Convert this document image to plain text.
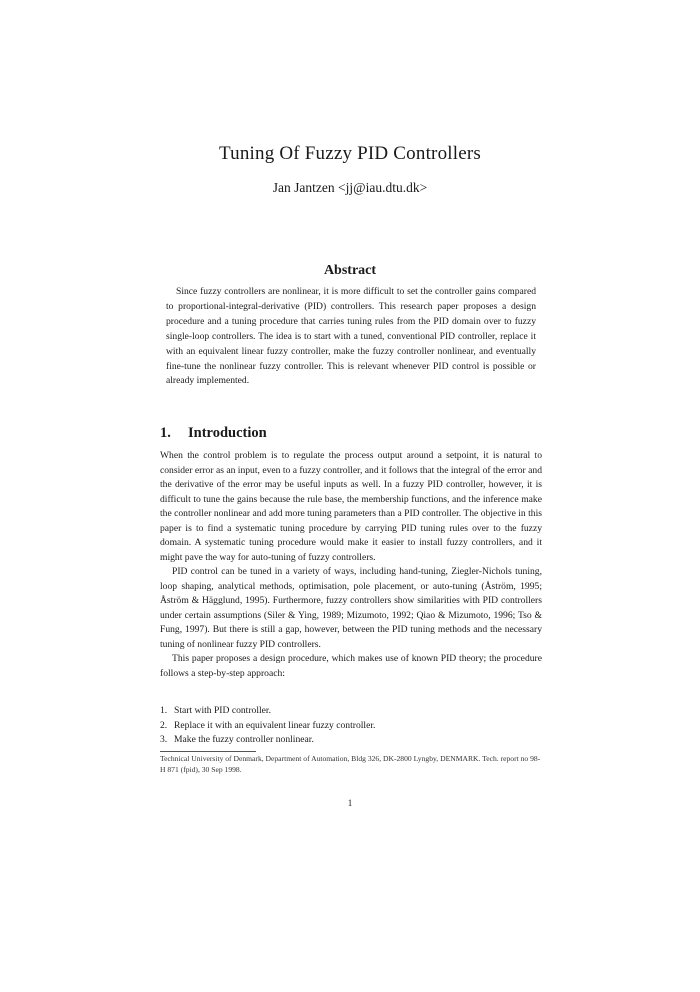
Tuning Of Fuzzy PID Controllers
Jan Jantzen <jj@iau.dtu.dk>
Abstract

Since fuzzy controllers are nonlinear, it is more difficult to set the controller gains compared to proportional-integral-derivative (PID) controllers. This research paper proposes a design procedure and a tuning procedure that carries tuning rules from the PID domain over to fuzzy single-loop controllers. The idea is to start with a tuned, conventional PID controller, replace it with an equivalent linear fuzzy controller, make the fuzzy controller nonlinear, and eventually fine-tune the nonlinear fuzzy controller. This is relevant whenever PID control is possible or already implemented.

1. Introduction

When the control problem is to regulate the process output around a setpoint, it is natural to consider error as an input, even to a fuzzy controller, and it follows that the integral of the error and the derivative of the error may be useful inputs as well. In a fuzzy PID controller, however, it is difficult to tune the gains because the rule base, the membership functions, and the inference make the controller nonlinear and add more tuning parameters than a PID controller. The objective in this paper is to find a systematic tuning procedure by carrying PID tuning rules over to the fuzzy domain. A systematic tuning procedure would make it easier to install fuzzy controllers, and it might pave the way for auto-tuning of fuzzy controllers.

PID control can be tuned in a variety of ways, including hand-tuning, Ziegler-Nichols tuning, loop shaping, analytical methods, optimisation, pole placement, or auto-tuning (Åström, 1995; Åström & Hägglund, 1995). Furthermore, fuzzy controllers show similarities with PID controllers under certain assumptions (Siler & Ying, 1989; Mizumoto, 1992; Qiao & Mizumoto, 1996; Tso & Fung, 1997). But there is still a gap, however, between the PID tuning methods and the necessary tuning of nonlinear fuzzy PID controllers.

This paper proposes a design procedure, which makes use of known PID theory; the procedure follows a step-by-step approach:

1. Start with PID controller.
2. Replace it with an equivalent linear fuzzy controller.
3. Make the fuzzy controller nonlinear.

Technical University of Denmark, Department of Automation, Bldg 326, DK-2800 Lyngby, DENMARK. Tech. report no 98-H 871 (fpid), 30 Sep 1998.

1
